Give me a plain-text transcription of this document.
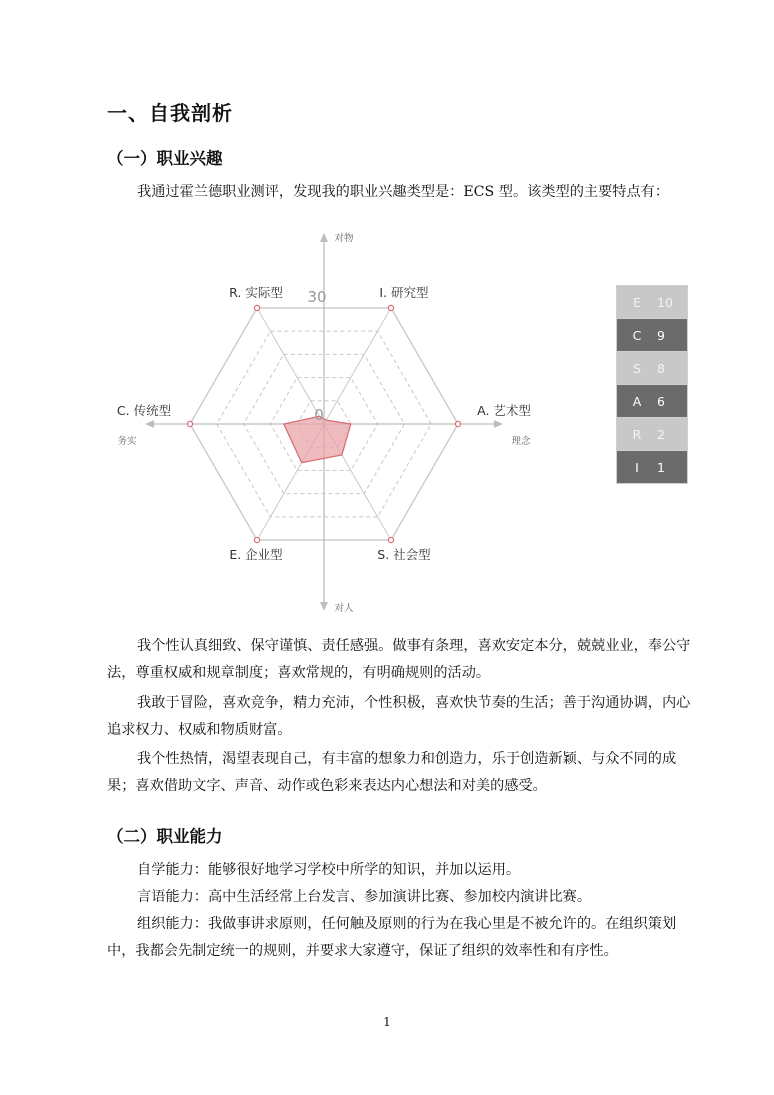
一、自我剖析
（一）职业兴趣

我通过霍兰德职业测评，发现我的职业兴趣类型是：ECS 型。该类型的主要特点有：

R. 实际型	I. 研究型
A. 艺术型
S. 社会型
E. 企业型
C. 传统型
30
0
对物
对人
务实	理念
E	10
C	9
S	8
A	6
R	2
I	1

我个性认真细致、保守谨慎、责任感强。做事有条理，喜欢安定本分，兢兢业业，奉公守法，尊重权威和规章制度；喜欢常规的，有明确规则的活动。

我敢于冒险，喜欢竞争，精力充沛，个性积极，喜欢快节奏的生活；善于沟通协调，内心追求权力、权威和物质财富。

我个性热情，渴望表现自己，有丰富的想象力和创造力，乐于创造新颖、与众不同的成果；喜欢借助文字、声音、动作或色彩来表达内心想法和对美的感受。

（二）职业能力

自学能力：能够很好地学习学校中所学的知识，并加以运用。

言语能力：高中生活经常上台发言、参加演讲比赛、参加校内演讲比赛。

组织能力：我做事讲求原则，任何触及原则的行为在我心里是不被允许的。在组织策划中，我都会先制定统一的规则，并要求大家遵守，保证了组织的效率性和有序性。

1
